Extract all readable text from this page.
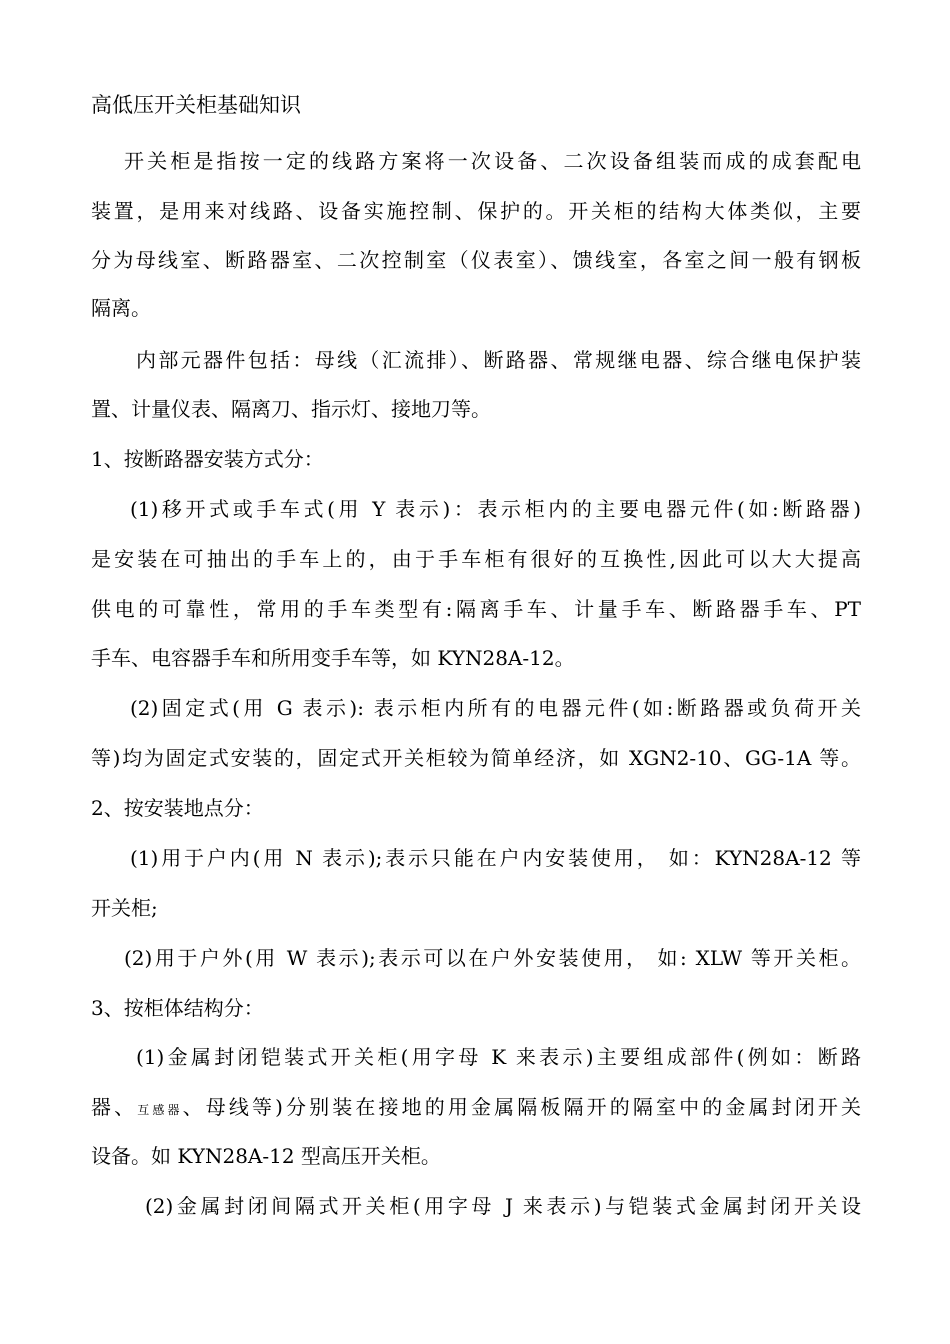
高低压开关柜基础知识
开关柜是指按一定的线路方案将一次设备、二次设备组装而成的成套配电
装置，是用来对线路、设备实施控制、保护的。开关柜的结构大体类似，主要
分为母线室、断路器室、二次控制室（仪表室）、馈线室，各室之间一般有钢板
隔离。
内部元器件包括：母线（汇流排）、断路器、常规继电器、综合继电保护装
置、计量仪表、隔离刀、指示灯、接地刀等。
1、按断路器安装方式分：
(1)移开式或手车式(用 Y 表示)：表示柜内的主要电器元件(如:断路器)
是安装在可抽出的手车上的，由于手车柜有很好的互换性,因此可以大大提高
供电的可靠性，常用的手车类型有:隔离手车、计量手车、断路器手车、PT
手车、电容器手车和所用变手车等，如 KYN28A-12。
(2)固定式(用 G 表示): 表示柜内所有的电器元件(如:断路器或负荷开关
等)均为固定式安装的，固定式开关柜较为简单经济，如 XGN2-10、GG-1A 等。
2、按安装地点分：
(1)用于户内(用 N 表示);表示只能在户内安装使用， 如：KYN28A-12 等
开关柜;
(2)用于户外(用 W 表示);表示可以在户外安装使用， 如: XLW 等开关柜。
3、按柜体结构分：
(1)金属封闭铠装式开关柜(用字母 K 来表示)主要组成部件(例如：断路
器、互感器、母线等)分别装在接地的用金属隔板隔开的隔室中的金属封闭开关
设备。如 KYN28A-12 型高压开关柜。
(2)金属封闭间隔式开关柜(用字母 J 来表示)与铠装式金属封闭开关设
